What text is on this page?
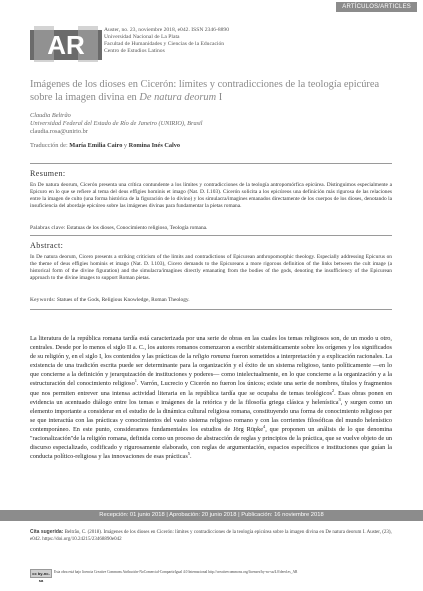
ARTÍCULOS/ARTICLES
AR	Auster, no. 23, noviembre 2018, e042. ISSN 2346-8890
Universidad Nacional de La Plata
Facultad de Humanidades y Ciencias de la Educación
Centro de Estudios Latinos
Imágenes de los dioses en Cicerón: límites y contradicciones de la teología epicúrea sobre la imagen divina en De natura deorum I
Claudia Beltrão
Universidad Federal del Estado de Río de Janeiro (UNIRIO), Brasil
claudia.rosa@unirio.br
Traducción de: María Emilia Cairo y Romina Inés Calvo
Resumen:
En De natura deorum, Cicerón presenta una crítica contundente a los límites y contradicciones de la teología antropomórfica epicúrea. Distinguimos especialmente a Epicuro en lo que se refiere al tema del deus effigies hominis et imago (Nat. D. I.103). Cicerón solicita a los epicúreos una definición más rigurosa de las relaciones entre la imagen de culto (una forma histórica de la figuración de lo divino) y los simulacra/imagines emanados directamente de los cuerpos de los dioses, denotando la insuficiencia del abordaje epicúreo sobre las imágenes divinas para fundamentar la pietas romana.
Palabras clave: Estatuas de los dioses, Conocimiento religioso, Teología romana.
Abstract:
In De natura deorum, Cicero presents a striking criticism of the limits and contradictions of Epicurean anthropomorphic theology. Especially addressing Epicurus on the theme of deus effigies hominis et imago (Nat. D. I.103), Cicero demands to the Epicureans a more rigorous definition of the links between the cult image (a historical form of the divine figuration) and the simulacra/imagines directly emanating from the bodies of the gods, denoting the insufficiency of the Epicurean approach to the divine images to support Roman pietas.
Keywords: Statues of the Gods, Religious Knowledge, Roman Theology.
La literatura de la república romana tardía está caracterizada por una serie de obras en las cuales los temas religiosos son, de un modo u otro, centrales. Desde por lo menos el siglo II a. C., los autores romanos comenzaron a escribir sistemáticamente sobre los orígenes y los significados de su religión y, en el siglo I, los contenidos y las prácticas de la religio romana fueron sometidos a interpretación y a explicación racionales. La existencia de una tradición escrita puede ser determinante para la organización y el éxito de un sistema religioso, tanto políticamente —en lo que concierne a la definición y jerarquización de instituciones y poderes— como intelectualmente, en lo que concierne a la organización y a la estructuración del conocimiento religioso$^1$. Varrón, Lucrecio y Cicerón no fueron los únicos; existe una serie de nombres, títulos y fragmentos que nos permiten entrever una intensa actividad literaria en la república tardía que se ocupaba de temas teológicos$^2$. Esas obras ponen en evidencia un acentuado diálogo entre los temas e imágenes de la retórica y de la filosofía griega clásica y helenística$^3$, y surgen como un elemento importante a considerar en el estudio de la dinámica cultural religiosa romana, constituyendo una forma de conocimiento religioso per se que interactúa con las prácticas y conocimientos del vasto sistema religioso romano y con las corrientes filosóficas del mundo helenístico contemporáneo. En este punto, consideramos fundamentales los estudios de Jörg Rüpke$^4$, que proponen un análisis de lo que denomina "racionalización"de la religión romana, definida como un proceso de abstracción de reglas y principios de la práctica, que se vuelve objeto de un discurso especializado, codificado y rigurosamente elaborado, con reglas de argumentación, espacios específicos e instituciones que guían la conducta político-religiosa y las innovaciones de esas prácticas$^5$.
Recepción: 01 junio 2018 | Aprobación: 20 junio 2018 | Publicación: 16 noviembre 2018
Cita sugerida: Beltrão, C. (2018). Imágenes de los dioses en Cicerón: límites y contradicciones de la teología epicúrea sobre la imagen divina en De natura deorum I. Auster, (23), e042. https://doi.org/10.24215/23468890e042
cc by-nc-sa
Esta obra está bajo licencia Creative Commons Atribución-NoComercial-CompartirIgual 4.0 Internacional http://creativecommons.org/licenses/by-nc-sa/4.0/deed.es_AR
